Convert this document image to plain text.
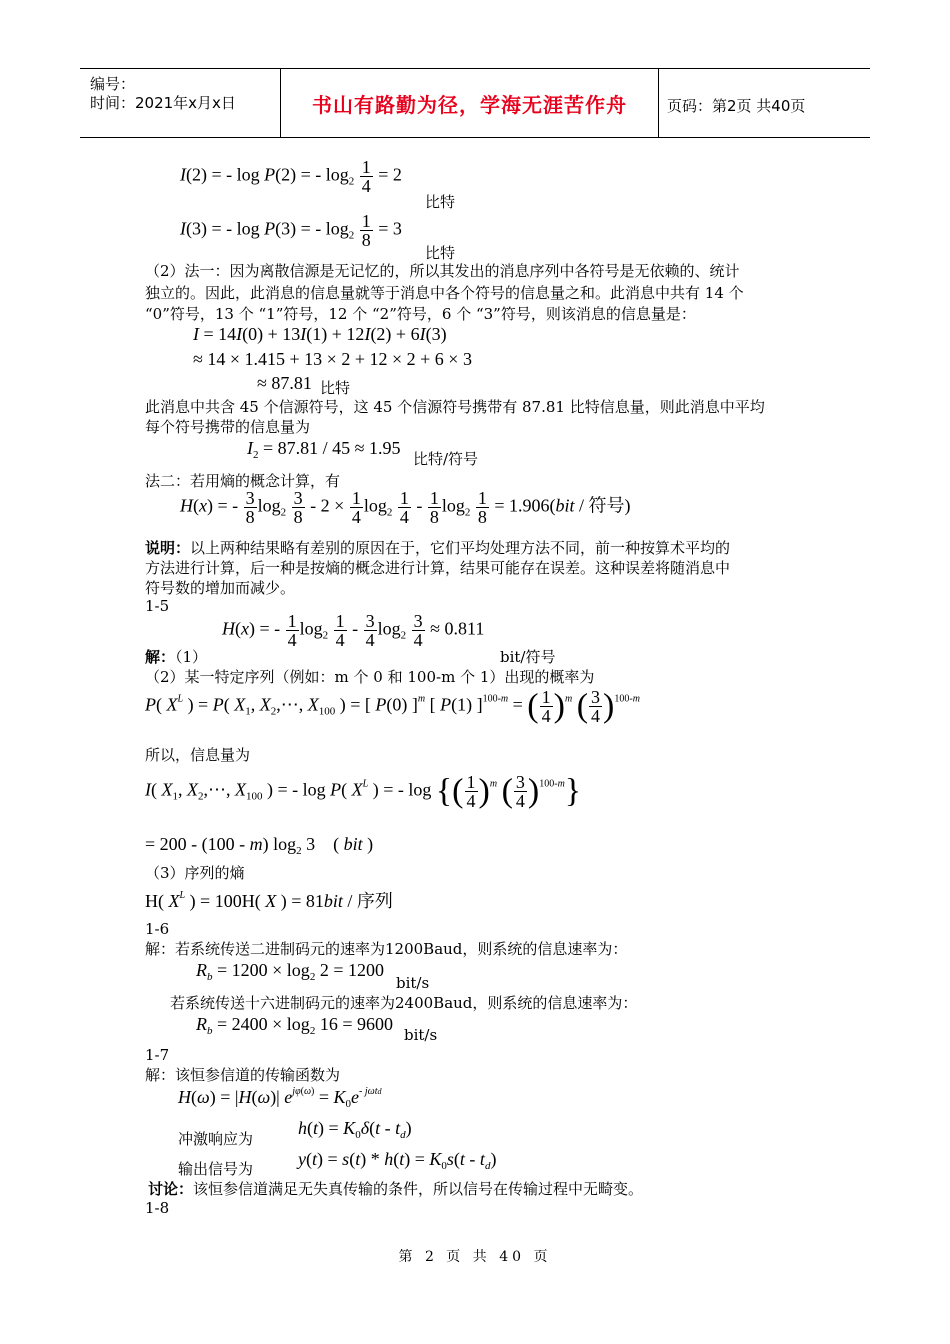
编号：
时间：2021年x月x日	书山有路勤为径，学海无涯苦作舟	页码：第2页 共40页
I(2) = - log P(2) = - $\log_2 \frac{1}{4} = 2$
比特
I(3) = - log P(3) = - $\log_2 \frac{1}{8} = 3$
比特
（2）法一：因为离散信源是无记忆的，所以其发出的消息序列中各符号是无依赖的、统计
独立的。因此，此消息的信息量就等于消息中各个符号的信息量之和。此消息中共有 14 个
“0”符号，13 个 “1”符号，12 个 “2”符号，6 个 “3”符号，则该消息的信息量是：
I = 14I(0) + 13I(1) + 12I(2) + 6I(3)
≈ 14 × 1.415 + 13 × 2 + 12 × 2 + 6 × 3
≈ 87.81 比特
此消息中共含 45 个信源符号，这 45 个信源符号携带有 87.81 比特信息量，则此消息中平均
每个符号携带的信息量为
$I_2 = 87.81 / 45 \approx 1.95$
比特/符号
法二：若用熵的概念计算，有
H(x) = - $\frac{3}{8} \log_2 \frac{3}{8} - 2 \times \frac{1}{4} \log_2 \frac{1}{4} - \frac{1}{8} \log_2 \frac{1}{8} = 1.906(bit$ / 符号)
说明：以上两种结果略有差别的原因在于，它们平均处理方法不同，前一种按算术平均的
方法进行计算，后一种是按熵的概念进行计算，结果可能存在误差。这种误差将随消息中
符号数的增加而减少。
1-5
H(x) = - $\frac{1}{4} \log_2 \frac{1}{4} - \frac{3}{4} \log_2 \frac{3}{4} \approx 0.811$
解：（1）	bit/符号
（2）某一特定序列（例如：m 个 0 和 100-m 个 1）出现的概率为
P( $X^L$ ) = P( $X_1$, $X_2,\cdots$, $X_{100}$ ) = [ P(0) ]$^m$ [ P(1) ]$^{100-m}$ = ( $\frac{1}{4} )^m$ ( $\frac{3}{4} )^{100-m}$
所以，信息量为
I( $X_1$, $X_2,\cdots$, $X_{100}$ ) = - log P( $X^L$ ) = - log {( $\frac{1}{4} )^m$ ( $\frac{3}{4} )^{100-m}$}
= 200 - (100 - m) $\log_2 3$    ( bit )
（3）序列的熵
H( $X^L$ ) = 100H( X ) = 81bit / 序列
1-6
解：若系统传送二进制码元的速率为1200Baud，则系统的信息速率为：
$R_b = 1200 \times \log_2 2 = 1200$
bit/s
若系统传送十六进制码元的速率为2400Baud，则系统的信息速率为：
$R_b = 2400 \times \log_2 16 = 9600$
bit/s
1-7
解：该恒参信道的传输函数为
H(ω) = |H(ω)| $e^{j\varphi(\omega)} = K_0e^{- j\omega td}$
冲激响应为
$h(t) = K_0\delta(t - t_d)$
输出信号为 $y(t) = s(t) * h(t) = K_0s(t - t_d)$
讨论：该恒参信道满足无失真传输的条件，所以信号在传输过程中无畸变。
1-8
第 2 页 共 40 页
